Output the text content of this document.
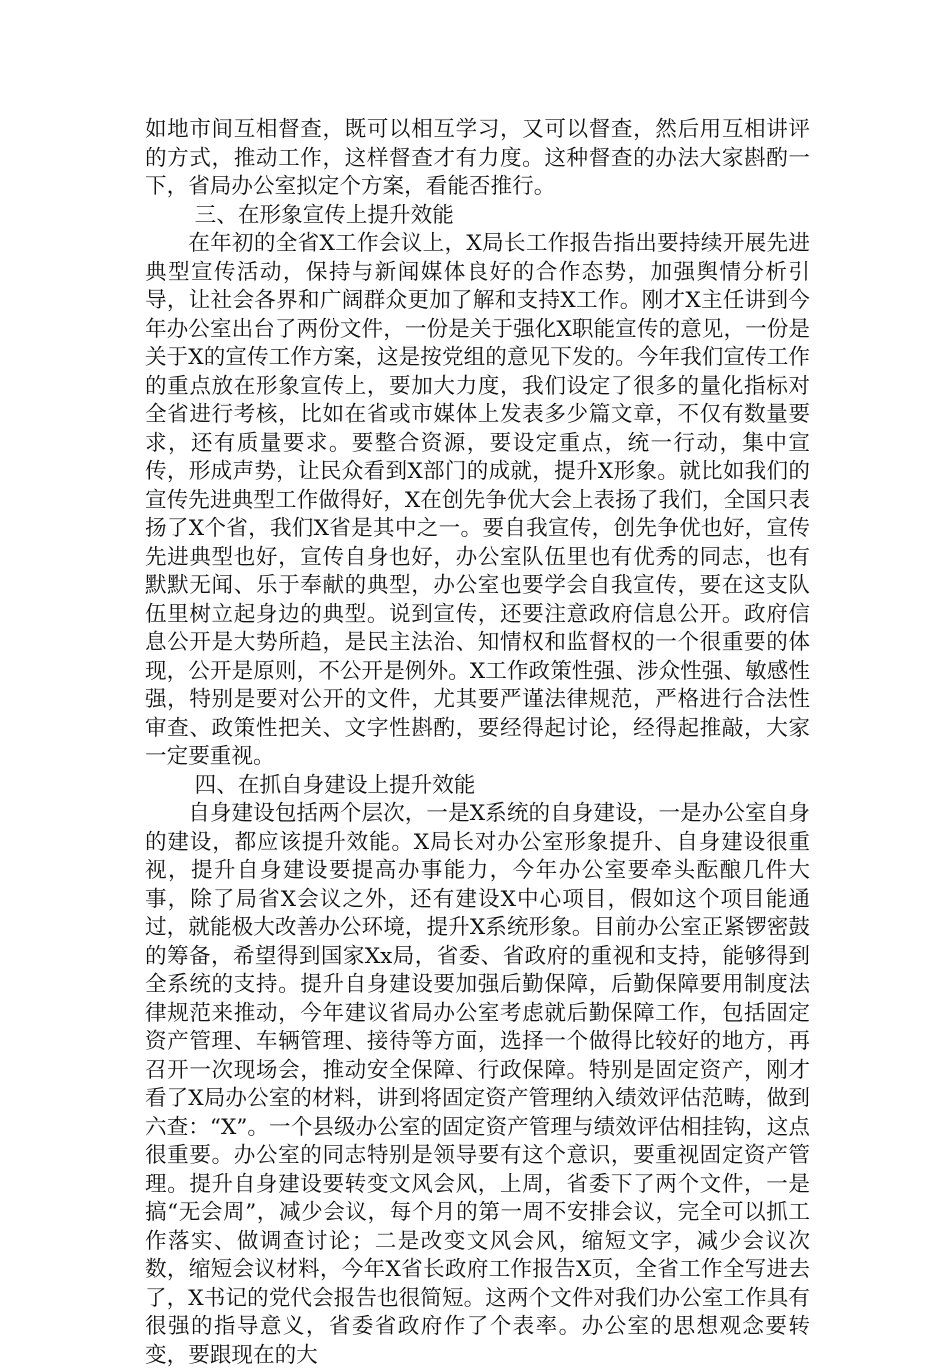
如地市间互相督查，既可以相互学习，又可以督查，然后用互相讲评的方式，推动工作，这样督查才有力度。这种督查的办法大家斟酌一下，省局办公室拟定个方案，看能否推行。

三、在形象宣传上提升效能

在年初的全省X工作会议上，X局长工作报告指出要持续开展先进典型宣传活动，保持与新闻媒体良好的合作态势，加强舆情分析引导，让社会各界和广阔群众更加了解和支持X工作。刚才X主任讲到今年办公室出台了两份文件，一份是关于强化X职能宣传的意见，一份是关于X的宣传工作方案，这是按党组的意见下发的。今年我们宣传工作的重点放在形象宣传上，要加大力度，我们设定了很多的量化指标对全省进行考核，比如在省或市媒体上发表多少篇文章，不仅有数量要求，还有质量要求。要整合资源，要设定重点，统一行动，集中宣传，形成声势，让民众看到X部门的成就，提升X形象。就比如我们的宣传先进典型工作做得好，X在创先争优大会上表扬了我们，全国只表扬了X个省，我们X省是其中之一。要自我宣传，创先争优也好，宣传先进典型也好，宣传自身也好，办公室队伍里也有优秀的同志，也有默默无闻、乐于奉献的典型，办公室也要学会自我宣传，要在这支队伍里树立起身边的典型。说到宣传，还要注意政府信息公开。政府信息公开是大势所趋，是民主法治、知情权和监督权的一个很重要的体现，公开是原则，不公开是例外。X工作政策性强、涉众性强、敏感性强，特别是要对公开的文件，尤其要严谨法律规范，严格进行合法性审查、政策性把关、文字性斟酌，要经得起讨论，经得起推敲，大家一定要重视。

四、在抓自身建设上提升效能

自身建设包括两个层次，一是X系统的自身建设，一是办公室自身的建设，都应该提升效能。X局长对办公室形象提升、自身建设很重视，提升自身建设要提高办事能力，今年办公室要牵头酝酿几件大事，除了局省X会议之外，还有建设X中心项目，假如这个项目能通过，就能极大改善办公环境，提升X系统形象。目前办公室正紧锣密鼓的筹备，希望得到国家Xx局，省委、省政府的重视和支持，能够得到全系统的支持。提升自身建设要加强后勤保障，后勤保障要用制度法律规范来推动，今年建议省局办公室考虑就后勤保障工作，包括固定资产管理、车辆管理、接待等方面，选择一个做得比较好的地方，再召开一次现场会，推动安全保障、行政保障。特别是固定资产，刚才看了X局办公室的材料，讲到将固定资产管理纳入绩效评估范畴，做到六查：“X”。一个县级办公室的固定资产管理与绩效评估相挂钩，这点很重要。办公室的同志特别是领导要有这个意识，要重视固定资产管理。提升自身建设要转变文风会风，上周，省委下了两个文件，一是搞“无会周”，减少会议，每个月的第一周不安排会议，完全可以抓工作落实、做调查讨论；二是改变文风会风，缩短文字，减少会议次数，缩短会议材料，今年X省长政府工作报告X页，全省工作全写进去了，X书记的党代会报告也很简短。这两个文件对我们办公室工作具有很强的指导意义，省委省政府作了个表率。办公室的思想观念要转变，要跟现在的大
